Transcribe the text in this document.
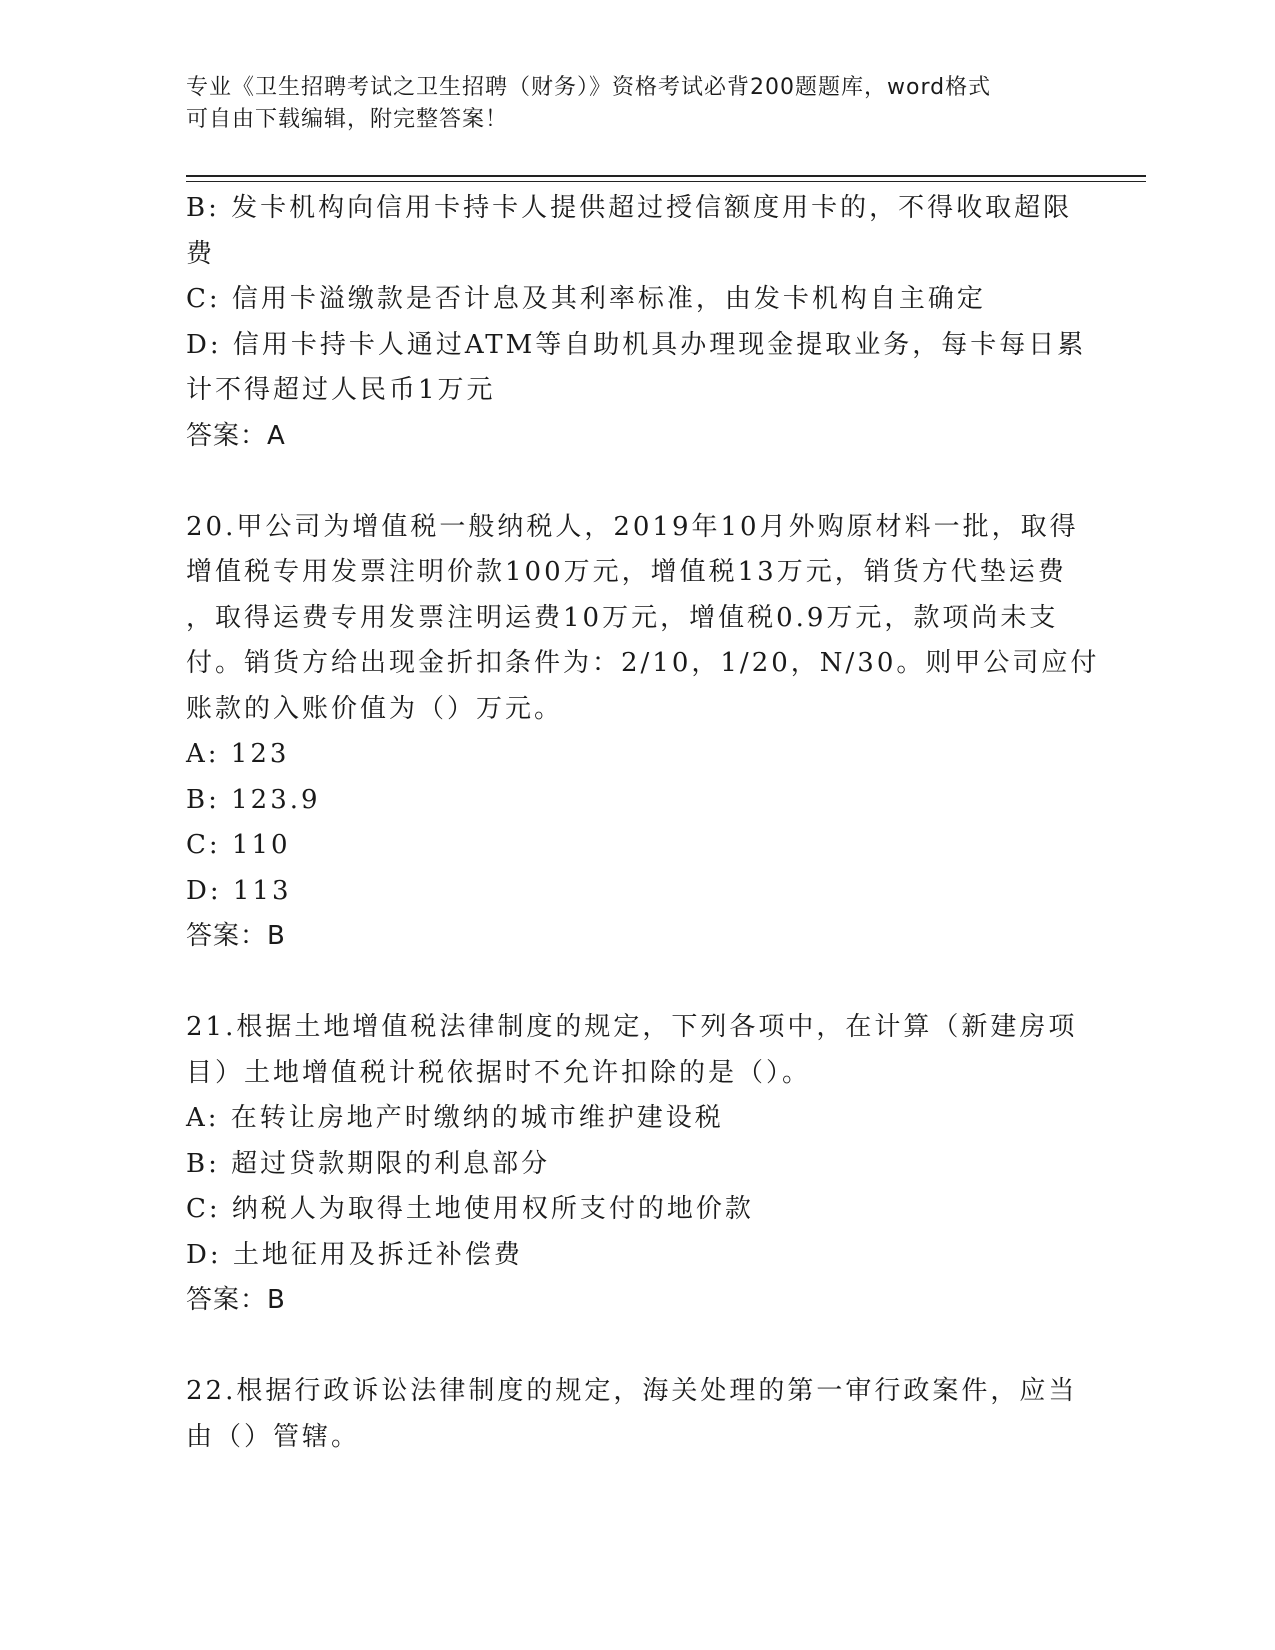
专业《卫生招聘考试之卫生招聘（财务）》资格考试必背200题题库，word格式
可自由下载编辑，附完整答案！
B: 发卡机构向信用卡持卡人提供超过授信额度用卡的，不得收取超限
费
C: 信用卡溢缴款是否计息及其利率标准，由发卡机构自主确定
D: 信用卡持卡人通过ATM等自助机具办理现金提取业务，每卡每日累
计不得超过人民币1万元
答案：A
20.甲公司为增值税一般纳税人，2019年10月外购原材料一批，取得
增值税专用发票注明价款100万元，增值税13万元，销货方代垫运费
，取得运费专用发票注明运费10万元，增值税0.9万元，款项尚未支
付。销货方给出现金折扣条件为：2/10，1/20，N/30。则甲公司应付
账款的入账价值为（）万元。
A: 123
B: 123.9
C: 110
D: 113
答案：B
21.根据土地增值税法律制度的规定，下列各项中，在计算（新建房项
目）土地增值税计税依据时不允许扣除的是（）。
A: 在转让房地产时缴纳的城市维护建设税
B: 超过贷款期限的利息部分
C: 纳税人为取得土地使用权所支付的地价款
D: 土地征用及拆迁补偿费
答案：B
22.根据行政诉讼法律制度的规定，海关处理的第一审行政案件，应当
由（）管辖。
